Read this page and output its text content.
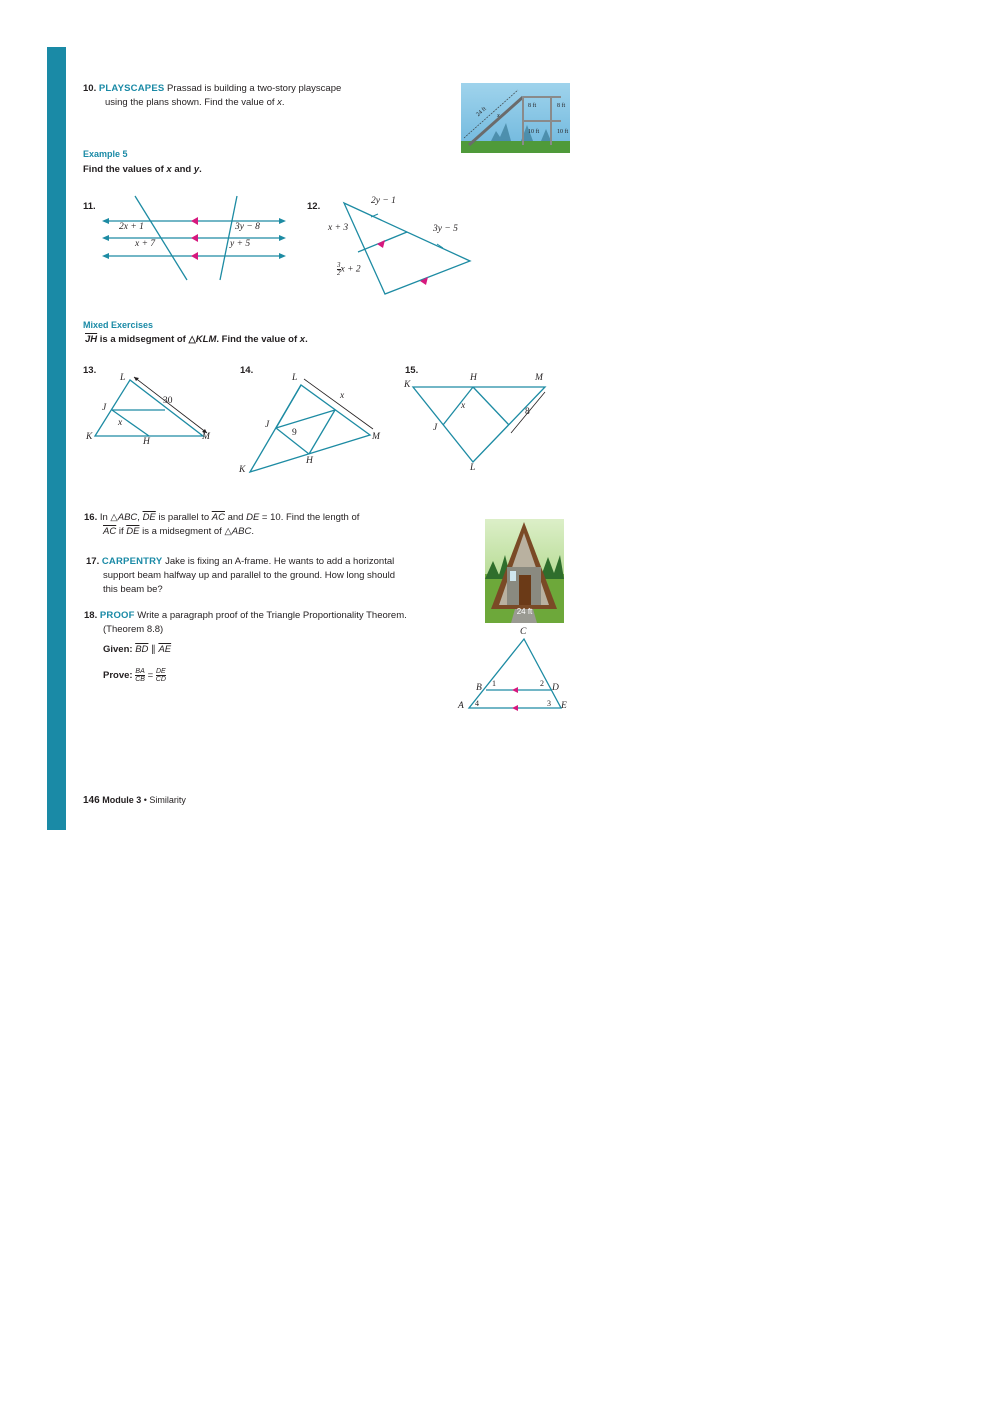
10. PLAYSCAPES Prassad is building a two-story playscape
using the plans shown. Find the value of x.
24 ft x
8 ft	8 ft
10 ft	10 ft
Example 5
Find the values of x and y.
11.
2x + 1	3y − 8
x + 7	y + 5
12.	2y − 1
x + 3	3y − 5
$\frac{3}{2}$ x + 2
Mixed Exercises
$\overline{JH}$ is a midsegment of △KLM. Find the value of x.
13.
L
J
K	H	M
x
30
14.
L
J
K
H
M
x
9
15.
K
H	M
J
L
x
8
16. In △ABC, $\overline{DE}$ is parallel to $\overline{AC}$ and DE = 10. Find the length of
$\overline{AC}$ if $\overline{DE}$ is a midsegment of △ABC.
24 ft
17. CARPENTRY Jake is fixing an A-frame. He wants to add a horizontal
support beam halfway up and parallel to the ground. How long should
this beam be?
18. PROOF Write a paragraph proof of the Triangle Proportionality Theorem.
(Theorem 8.8)
Given: $\overline{BD}$ ∥ $\overline{AE}$
Prove: $\frac{BA}{CB} = \frac{DE}{CD}$
C
B	D
A	E
1	2
3
4
146 Module 3 • Similarity
